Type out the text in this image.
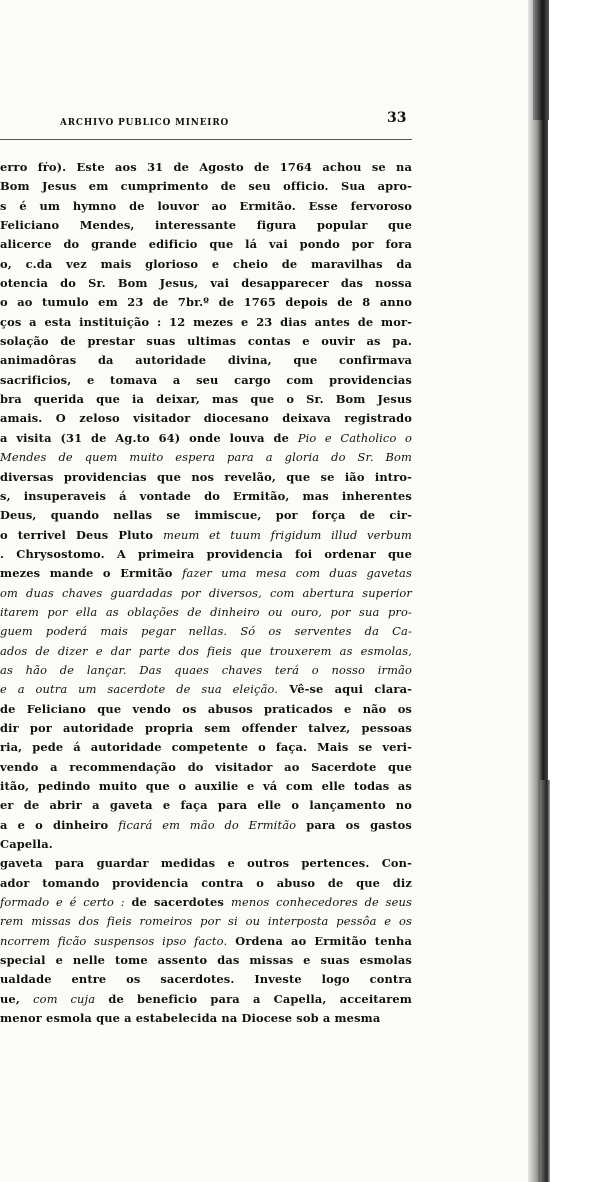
ARCHIVO PUBLICO MINEIRO	33
erro fṙo). Este aos 31 de Agosto de 1764 achou se na
Bom Jesus em cumprimento de seu officio. Sua apro-
s é um hymno de louvor ao Ermitão. Esse fervoroso
Feliciano Mendes, interessante figura popular que
alicerce do grande edificio que lá vai pondo por fora
o, c.da vez mais glorioso e cheio de maravilhas da
otencia do Sr. Bom Jesus, vai desapparecer das nossa
o ao tumulo em 23 de 7br.º de 1765 depois de 8 anno
ços a esta instituição : 12 mezes e 23 dias antes de mor-
solação de prestar suas ultimas contas e ouvir as pa.
animadôras da autoridade divina, que confirmava
sacrificios, e tomava a seu cargo com providencias
bra querida que ia deixar, mas que o Sr. Bom Jesus
amais. O zeloso visitador diocesano deixava registrado
a visita (31 de Ag.to 64) onde louva de Pio e Catholico o
Mendes de quem muito espera para a gloria do Sr. Bom
diversas providencias que nos revelão, que se ião intro-
s, insuperaveis á vontade do Ermitão, mas inherentes
Deus, quando nellas se immiscue, por força de cir-
o terrivel Deus Pluto meum et tuum frigidum illud verbum
. Chrysostomo. A primeira providencia foi ordenar que
mezes mande o Ermitão fazer uma mesa com duas gavetas
om duas chaves guardadas por diversos, com abertura superior
itarem por ella as oblações de dinheiro ou ouro, por sua pro-
guem poderá mais pegar nellas. Só os serventes da Ca-
ados de dizer e dar parte dos fieis que trouxerem as esmolas,
as hão de lançar. Das quaes chaves terá o nosso irmão
e a outra um sacerdote de sua eleição. Vê-se aqui clara-
de Feliciano que vendo os abusos praticados e não os
dir por autoridade propria sem offender talvez, pessoas
ria, pede á autoridade competente o faça. Mais se veri-
vendo a recommendação do visitador ao Sacerdote que
itão, pedindo muito que o auxilie e vá com elle todas as
er de abrir a gaveta e faça para elle o lançamento no
a e o dinheiro ficará em mão do Ermitão para os gastos
Capella.
gaveta para guardar medidas e outros pertences. Con-
ador tomando providencia contra o abuso de que diz
formado e é certo : de sacerdotes menos conhecedores de seus
rem missas dos fieis romeiros por si ou interposta pessôa e os
ncorrem ficão suspensos ipso facto. Ordena ao Ermitão tenha
special e nelle tome assento das missas e suas esmolas
ualdade entre os sacerdotes. Investe logo contra
ue, com cuja de beneficio para a Capella, acceitarem
menor esmola que a estabelecida na Diocese sob a mesma
